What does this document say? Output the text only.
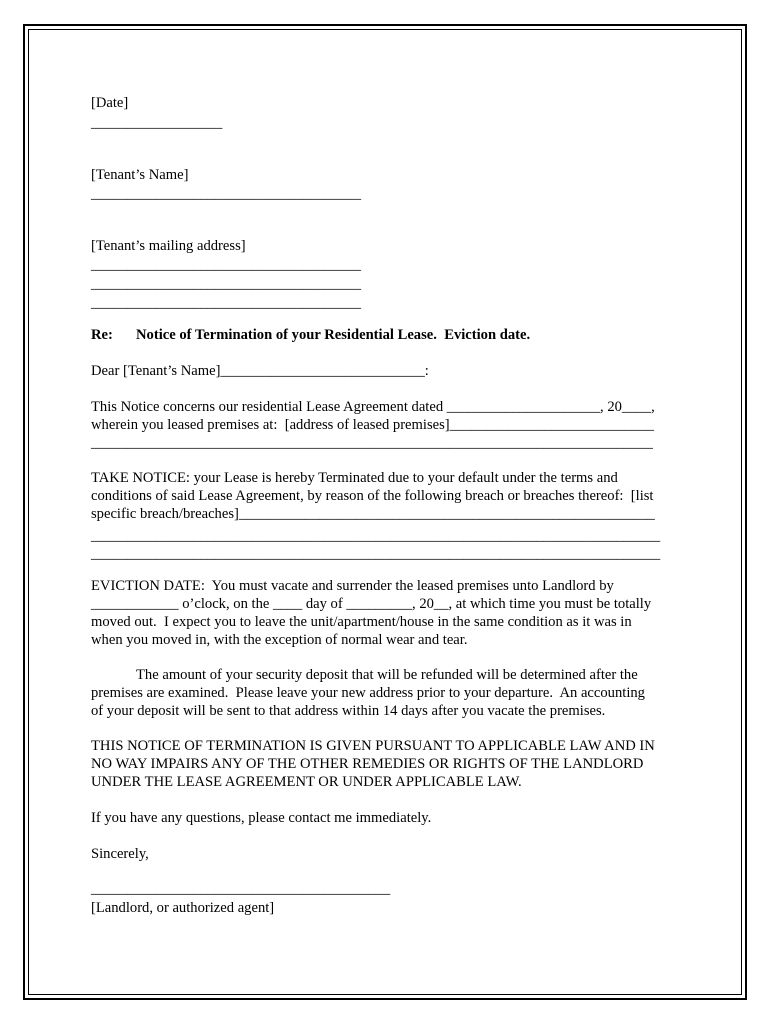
[Date]
__________________
[Tenant’s Name]
_____________________________________
[Tenant’s mailing address]
_____________________________________
_____________________________________
_____________________________________
Re: Notice of Termination of your Residential Lease.  Eviction date.
Dear [Tenant’s Name]____________________________:
This Notice concerns our residential Lease Agreement dated _____________________, 20____,
wherein you leased premises at:  [address of leased premises]____________________________
_____________________________________________________________________________
TAKE NOTICE: your Lease is hereby Terminated due to your default under the terms and
conditions of said Lease Agreement, by reason of the following breach or breaches thereof:  [list
specific breach/breaches]_________________________________________________________
______________________________________________________________________________
______________________________________________________________________________
EVICTION DATE:  You must vacate and surrender the leased premises unto Landlord by
____________ o’clock, on the ____ day of _________, 20__, at which time you must be totally
moved out.  I expect you to leave the unit/apartment/house in the same condition as it was in
when you moved in, with the exception of normal wear and tear.
The amount of your security deposit that will be refunded will be determined after the
premises are examined.  Please leave your new address prior to your departure.  An accounting
of your deposit will be sent to that address within 14 days after you vacate the premises.
THIS NOTICE OF TERMINATION IS GIVEN PURSUANT TO APPLICABLE LAW AND IN
NO WAY IMPAIRS ANY OF THE OTHER REMEDIES OR RIGHTS OF THE LANDLORD
UNDER THE LEASE AGREEMENT OR UNDER APPLICABLE LAW.
If you have any questions, please contact me immediately.
Sincerely,
_________________________________________
[Landlord, or authorized agent]
